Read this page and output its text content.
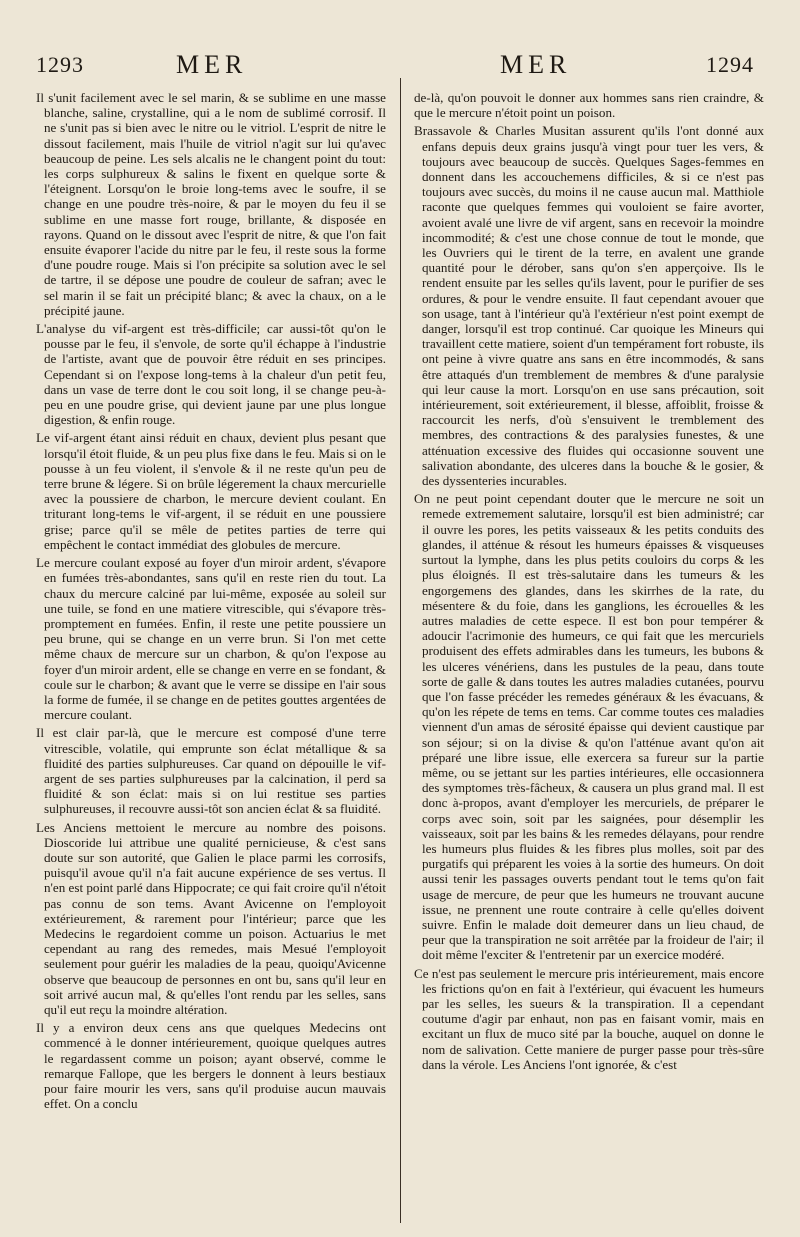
1293	MER	MER	1294

Il s'unit facilement avec le sel marin, & se sublime en une masse blanche, saline, crystalline, qui a le nom de sublimé corrosif. Il ne s'unit pas si bien avec le nitre ou le vitriol. L'esprit de nitre le dissout facilement, mais l'huile de vitriol n'agit sur lui qu'avec beaucoup de peine. Les sels alcalis ne le changent point du tout: les corps sulphureux & salins le fixent en quelque sorte & l'éteignent. Lorsqu'on le broie long-tems avec le soufre, il se change en une poudre très-noire, & par le moyen du feu il se sublime en une masse fort rouge, brillante, & disposée en rayons. Quand on le dissout avec l'esprit de nitre, & que l'on fait ensuite évaporer l'acide du nitre par le feu, il reste sous la forme d'une poudre rouge. Mais si l'on précipite sa solution avec le sel de tartre, il se dépose une poudre de couleur de safran; avec le sel marin il se fait un précipité blanc; & avec la chaux, on a le précipité jaune.

L'analyse du vif-argent est très-difficile; car aussi-tôt qu'on le pousse par le feu, il s'envole, de sorte qu'il échappe à l'industrie de l'artiste, avant que de pouvoir être réduit en ses principes. Cependant si on l'expose long-tems à la chaleur d'un petit feu, dans un vase de terre dont le cou soit long, il se change peu-à-peu en une poudre grise, qui devient jaune par une plus longue digestion, & enfin rouge.

Le vif-argent étant ainsi réduit en chaux, devient plus pesant que lorsqu'il étoit fluide, & un peu plus fixe dans le feu. Mais si on le pousse à un feu violent, il s'envole & il ne reste qu'un peu de terre brune & légere. Si on brûle légerement la chaux mercurielle avec la poussiere de charbon, le mercure devient coulant. En triturant long-tems le vif-argent, il se réduit en une poussiere grise; parce qu'il se mêle de petites parties de terre qui empêchent le contact immédiat des globules de mercure.

Le mercure coulant exposé au foyer d'un miroir ardent, s'évapore en fumées très-abondantes, sans qu'il en reste rien du tout. La chaux du mercure calciné par lui-même, exposée au soleil sur une tuile, se fond en une matiere vitrescible, qui s'évapore très-promptement en fumées. Enfin, il reste une petite poussiere un peu brune, qui se change en un verre brun. Si l'on met cette même chaux de mercure sur un charbon, & qu'on l'expose au foyer d'un miroir ardent, elle se change en verre en se fondant, & coule sur le charbon; & avant que le verre se dissipe en l'air sous la forme de fumée, il se change en de petites gouttes argentées de mercure coulant.

Il est clair par-là, que le mercure est composé d'une terre vitrescible, volatile, qui emprunte son éclat métallique & sa fluidité des parties sulphureuses. Car quand on dépouille le vif-argent de ses parties sulphureuses par la calcination, il perd sa fluidité & son éclat: mais si on lui restitue ses parties sulphureuses, il recouvre aussi-tôt son ancien éclat & sa fluidité.

Les Anciens mettoient le mercure au nombre des poisons. Dioscoride lui attribue une qualité pernicieuse, & c'est sans doute sur son autorité, que Galien le place parmi les corrosifs, puisqu'il avoue qu'il n'a fait aucune expérience de ses vertus. Il n'en est point parlé dans Hippocrate; ce qui fait croire qu'il n'étoit pas connu de son tems. Avant Avicenne on l'employoit extérieurement, & rarement pour l'intérieur; parce que les Medecins le regardoient comme un poison. Actuarius le met cependant au rang des remedes, mais Mesué l'employoit seulement pour guérir les maladies de la peau, quoiqu'Avicenne observe que beaucoup de personnes en ont bu, sans qu'il leur en soit arrivé aucun mal, & qu'elles l'ont rendu par les selles, sans qu'il eut reçu la moindre altération.

Il y a environ deux cens ans que quelques Medecins ont commencé à le donner intérieurement, quoique quelques autres le regardassent comme un poison; ayant observé, comme le remarque Fallope, que les bergers le donnent à leurs bestiaux pour faire mourir les vers, sans qu'il produise aucun mauvais effet. On a conclu

de-là, qu'on pouvoit le donner aux hommes sans rien craindre, & que le mercure n'étoit point un poison.

Brassavole & Charles Musitan assurent qu'ils l'ont donné aux enfans depuis deux grains jusqu'à vingt pour tuer les vers, & toujours avec beaucoup de succès. Quelques Sages-femmes en donnent dans les accouchemens difficiles, & si ce n'est pas toujours avec succès, du moins il ne cause aucun mal. Matthiole raconte que quelques femmes qui vouloient se faire avorter, avoient avalé une livre de vif argent, sans en recevoir la moindre incommodité; & c'est une chose connue de tout le monde, que les Ouvriers qui le tirent de la terre, en avalent une grande quantité pour le dérober, sans qu'on s'en apperçoive. Ils le rendent ensuite par les selles qu'ils lavent, pour le purifier de ses ordures, & pour le vendre ensuite. Il faut cependant avouer que son usage, tant à l'intérieur qu'à l'extérieur n'est point exempt de danger, lorsqu'il est trop continué. Car quoique les Mineurs qui travaillent cette matiere, soient d'un tempérament fort robuste, ils ont peine à vivre quatre ans sans en être incommodés, & sans être attaqués d'un tremblement de membres & d'une paralysie qui leur cause la mort. Lorsqu'on en use sans précaution, soit intérieurement, soit extérieurement, il blesse, affoiblit, froisse & raccourcit les nerfs, d'où s'ensuivent le tremblement des membres, des contractions & des paralysies funestes, & une atténuation excessive des fluides qui occasionne souvent une salivation abondante, des ulceres dans la bouche & le gosier, & des dyssenteries incurables.

On ne peut point cependant douter que le mercure ne soit un remede extremement salutaire, lorsqu'il est bien administré; car il ouvre les pores, les petits vaisseaux & les petits conduits des glandes, il atténue & résout les humeurs épaisses & visqueuses surtout la lymphe, dans les plus petits couloirs du corps & les plus éloignés. Il est très-salutaire dans les tumeurs & les engorgemens des glandes, dans les skirrhes de la rate, du mésentere & du foie, dans les ganglions, les écrouelles & les autres maladies de cette espece. Il est bon pour tempérer & adoucir l'acrimonie des humeurs, ce qui fait que les mercuriels produisent des effets admirables dans les tumeurs, les bubons & les ulceres vénériens, dans les pustules de la peau, dans toute sorte de galle & dans toutes les autres maladies cutanées, pourvu que l'on fasse précéder les remedes généraux & les évacuans, & qu'on les répete de tems en tems. Car comme toutes ces maladies viennent d'un amas de sérosité épaisse qui devient caustique par son séjour; si on la divise & qu'on l'atténue avant qu'on ait préparé une libre issue, elle exercera sa fureur sur la partie même, ou se jettant sur les parties intérieures, elle occasionnera des symptomes très-fâcheux, & causera un plus grand mal. Il est donc à-propos, avant d'employer les mercuriels, de préparer le corps avec soin, soit par les saignées, pour désemplir les vaisseaux, soit par les bains & les remedes délayans, pour rendre les humeurs plus fluides & les fibres plus molles, soit par des purgatifs qui préparent les voies à la sortie des humeurs. On doit aussi tenir les passages ouverts pendant tout le tems qu'on fait usage de mercure, de peur que les humeurs ne trouvant aucune issue, ne prennent une route contraire à celle qu'elles doivent suivre. Enfin le malade doit demeurer dans un lieu chaud, de peur que la transpiration ne soit arrêtée par la froideur de l'air; il doit même l'exciter & l'entretenir par un exercice modéré.

Ce n'est pas seulement le mercure pris intérieurement, mais encore les frictions qu'on en fait à l'extérieur, qui évacuent les humeurs par les selles, les sueurs & la transpiration. Il a cependant coutume d'agir par enhaut, non pas en faisant vomir, mais en excitant un flux de muco sité par la bouche, auquel on donne le nom de salivation. Cette maniere de purger passe pour très-sûre dans la vérole. Les Anciens l'ont ignorée, & c'est
